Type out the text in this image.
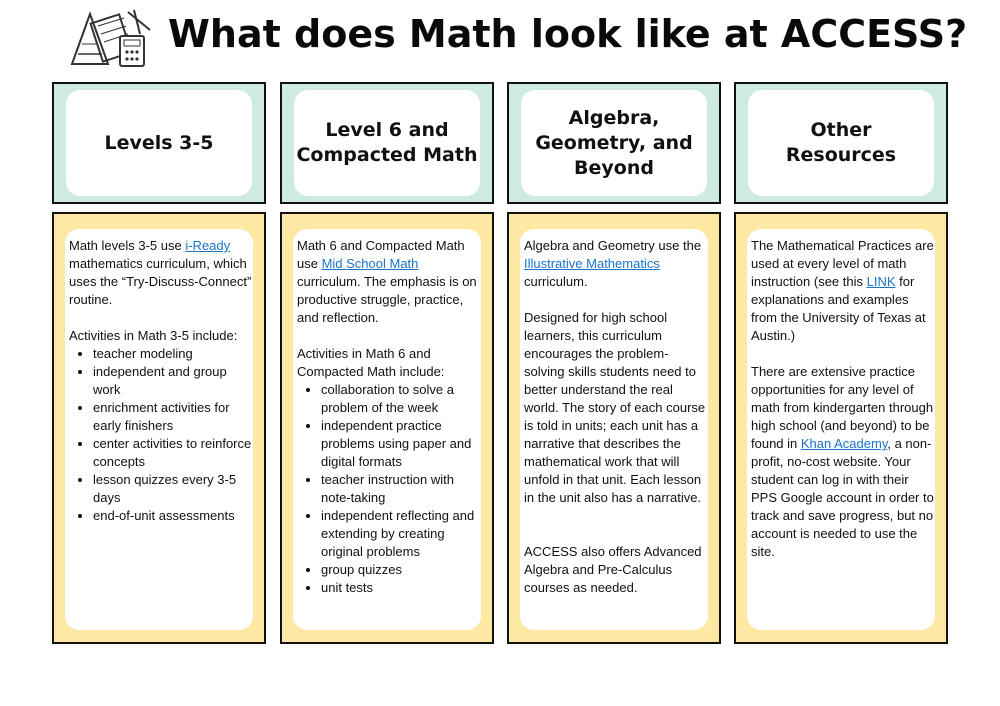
What does Math look like at ACCESS?
Levels 3-5

Math levels 3-5 use i-Ready mathematics curriculum, which uses the “Try-Discuss-Connect” routine.

Activities in Math 3-5 include:

• teacher modeling
• independent and group work
• enrichment activities for early finishers
• center activities to reinforce concepts
• lesson quizzes every 3-5 days
• end-of-unit assessments
Level 6 and
Compacted Math

Math 6 and Compacted Math use Mid School Math curriculum. The emphasis is on productive struggle, practice, and reflection.

Activities in Math 6 and Compacted Math include:

• collaboration to solve a problem of the week
• independent practice problems using paper and digital formats
• teacher instruction with note-taking
• independent reflecting and extending by creating original problems
• group quizzes
• unit tests
Algebra,
Geometry, and
Beyond

Algebra and Geometry use the Illustrative Mathematics curriculum.

Designed for high school learners, this curriculum encourages the problem-solving skills students need to better understand the real world. The story of each course is told in units; each unit has a narrative that describes the mathematical work that will unfold in that unit. Each lesson in the unit also has a narrative.

ACCESS also offers Advanced Algebra and Pre-Calculus courses as needed.

Other
Resources

The Mathematical Practices are used at every level of math instruction (see this LINK for explanations and examples from the University of Texas at Austin.)

There are extensive practice opportunities for any level of math from kindergarten through high school (and beyond) to be found in Khan Academy, a non-profit, no-cost website. Your student can log in with their PPS Google account in order to track and save progress, but no account is needed to use the site.
